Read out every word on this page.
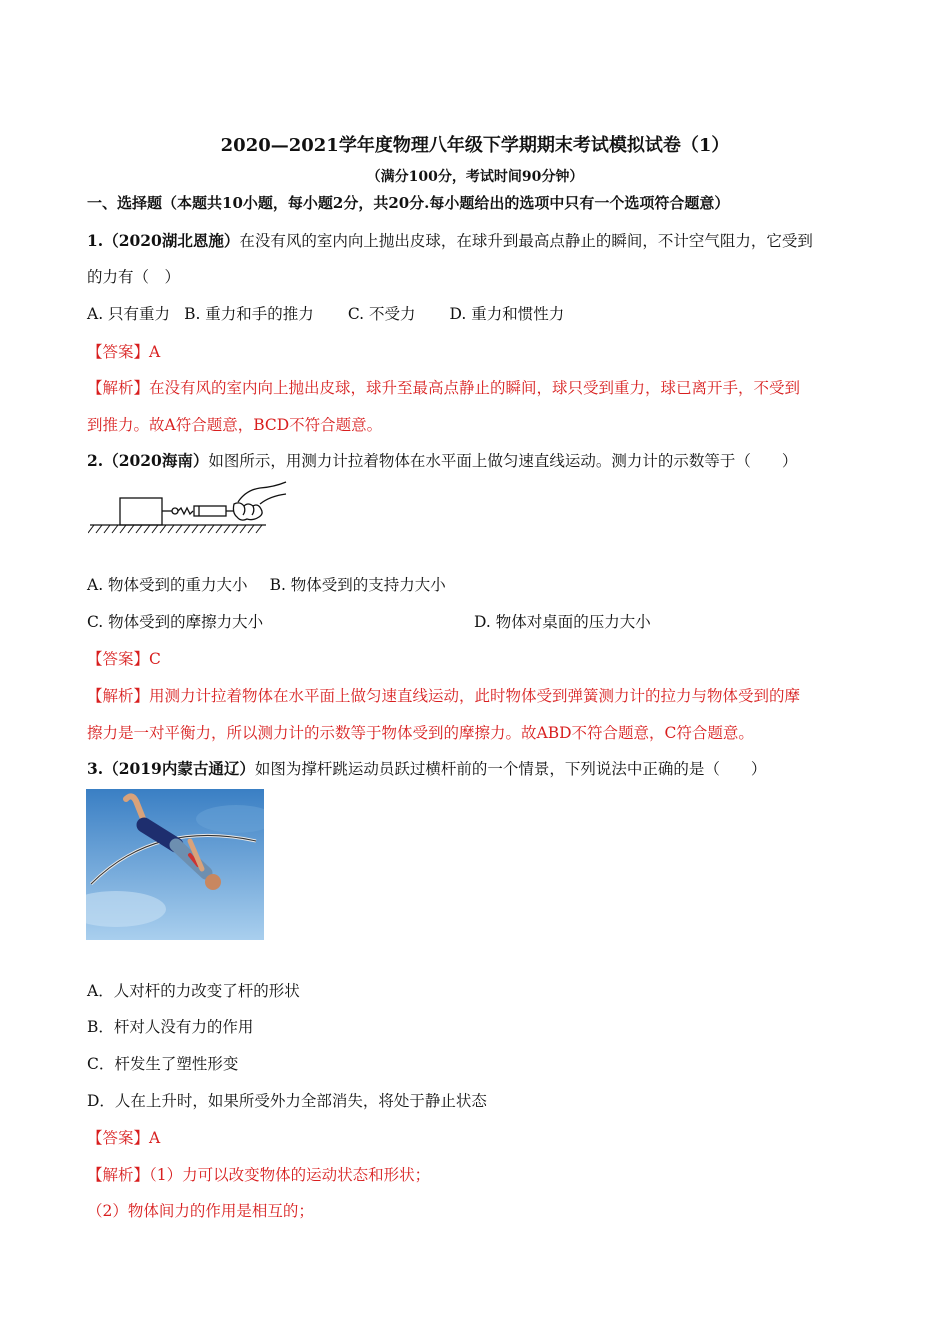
2020—2021学年度物理八年级下学期期末考试模拟试卷（1）
（满分100分，考试时间90分钟）
一、选择题（本题共10小题，每小题2分，共20分.每小题给出的选项中只有一个选项符合题意）
1.（2020湖北恩施）在没有风的室内向上抛出皮球，在球升到最高点静止的瞬间，不计空气阻力，它受到
的力有（　）
A. 只有重力 B. 重力和手的推力 C. 不受力 D. 重力和惯性力
【答案】A
【解析】在没有风的室内向上抛出皮球，球升至最高点静止的瞬间，球只受到重力，球已离开手，不受到
到推力。故A符合题意，BCD不符合题意。
2.（2020海南）如图所示，用测力计拉着物体在水平面上做匀速直线运动。测力计的示数等于（　　）
A. 物体受到的重力大小 B. 物体受到的支持力大小
C. 物体受到的摩擦力大小	D. 物体对桌面的压力大小
【答案】C
【解析】用测力计拉着物体在水平面上做匀速直线运动，此时物体受到弹簧测力计的拉力与物体受到的摩
擦力是一对平衡力，所以测力计的示数等于物体受到的摩擦力。故ABD不符合题意，C符合题意。
3.（2019内蒙古通辽）如图为撑杆跳运动员跃过横杆前的一个情景，下列说法中正确的是（　　）
A．人对杆的力改变了杆的形状
B．杆对人没有力的作用
C．杆发生了塑性形变
D．人在上升时，如果所受外力全部消失，将处于静止状态
【答案】A
【解析】（1）力可以改变物体的运动状态和形状；
（2）物体间力的作用是相互的；
